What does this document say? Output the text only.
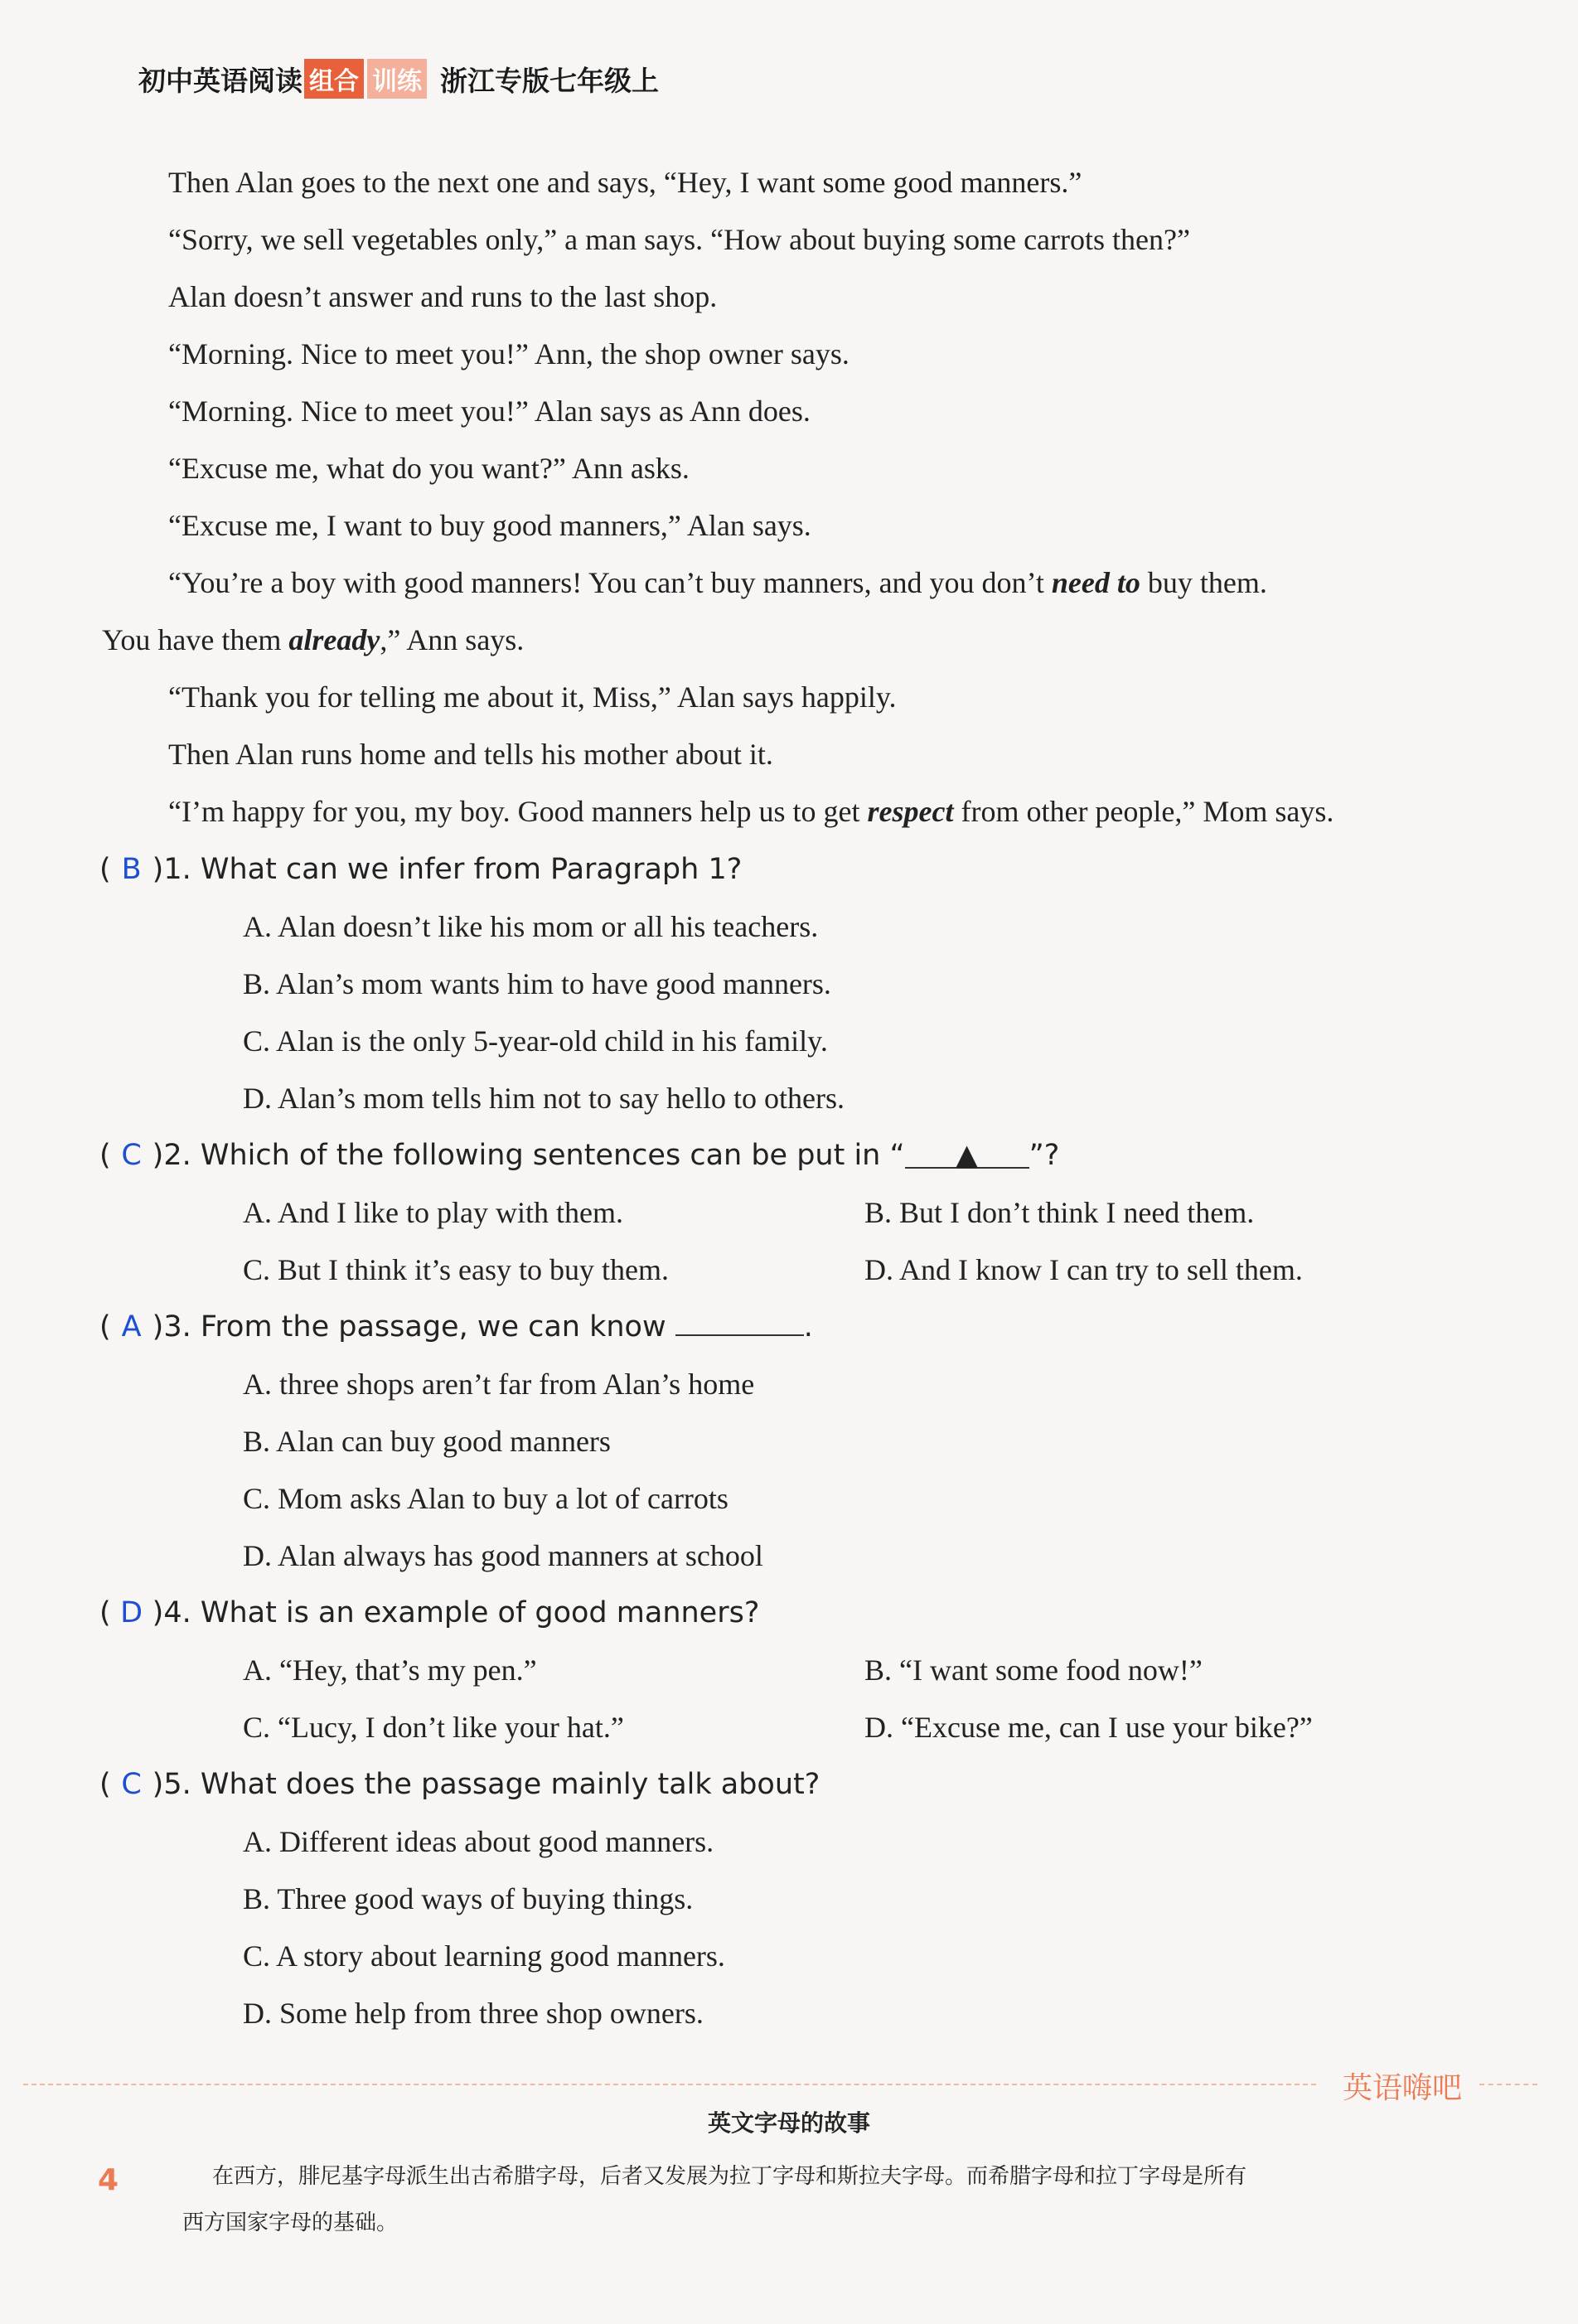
初中英语阅读 组合 训练 浙江专版七年级上
Then Alan goes to the next one and says, “Hey, I want some good manners.”
“Sorry, we sell vegetables only,” a man says. “How about buying some carrots then?”
Alan doesn’t answer and runs to the last shop.
“Morning. Nice to meet you!” Ann, the shop owner says.
“Morning. Nice to meet you!” Alan says as Ann does.
“Excuse me, what do you want?” Ann asks.
“Excuse me, I want to buy good manners,” Alan says.
“You’re a boy with good manners! You can’t buy manners, and you don’t need to buy them.
You have them already,” Ann says.
“Thank you for telling me about it, Miss,” Alan says happily.
Then Alan runs home and tells his mother about it.
“I’m happy for you, my boy. Good manners help us to get respect from other people,” Mom says.
( B )1. What can we infer from Paragraph 1?
A. Alan doesn’t like his mom or all his teachers.
B. Alan’s mom wants him to have good manners.
C. Alan is the only 5-year-old child in his family.
D. Alan’s mom tells him not to say hello to others.
( C )2. Which of the following sentences can be put in “ ▲ ”?
A. And I like to play with them.	B. But I don’t think I need them.
C. But I think it’s easy to buy them.	D. And I know I can try to sell them.
( A )3. From the passage, we can know	.
A. three shops aren’t far from Alan’s home
B. Alan can buy good manners
C. Mom asks Alan to buy a lot of carrots
D. Alan always has good manners at school
( D )4. What is an example of good manners?
A. “Hey, that’s my pen.”	B. “I want some food now!”
C. “Lucy, I don’t like your hat.”	D. “Excuse me, can I use your bike?”
( C )5. What does the passage mainly talk about?
A. Different ideas about good manners.
B. Three good ways of buying things.
C. A story about learning good manners.
D. Some help from three shop owners.
英语嗨吧
英文字母的故事
在西方，腓尼基字母派生出古希腊字母，后者又发展为拉丁字母和斯拉夫字母。而希腊字母和拉丁字母是所有
西方国家字母的基础。
4
